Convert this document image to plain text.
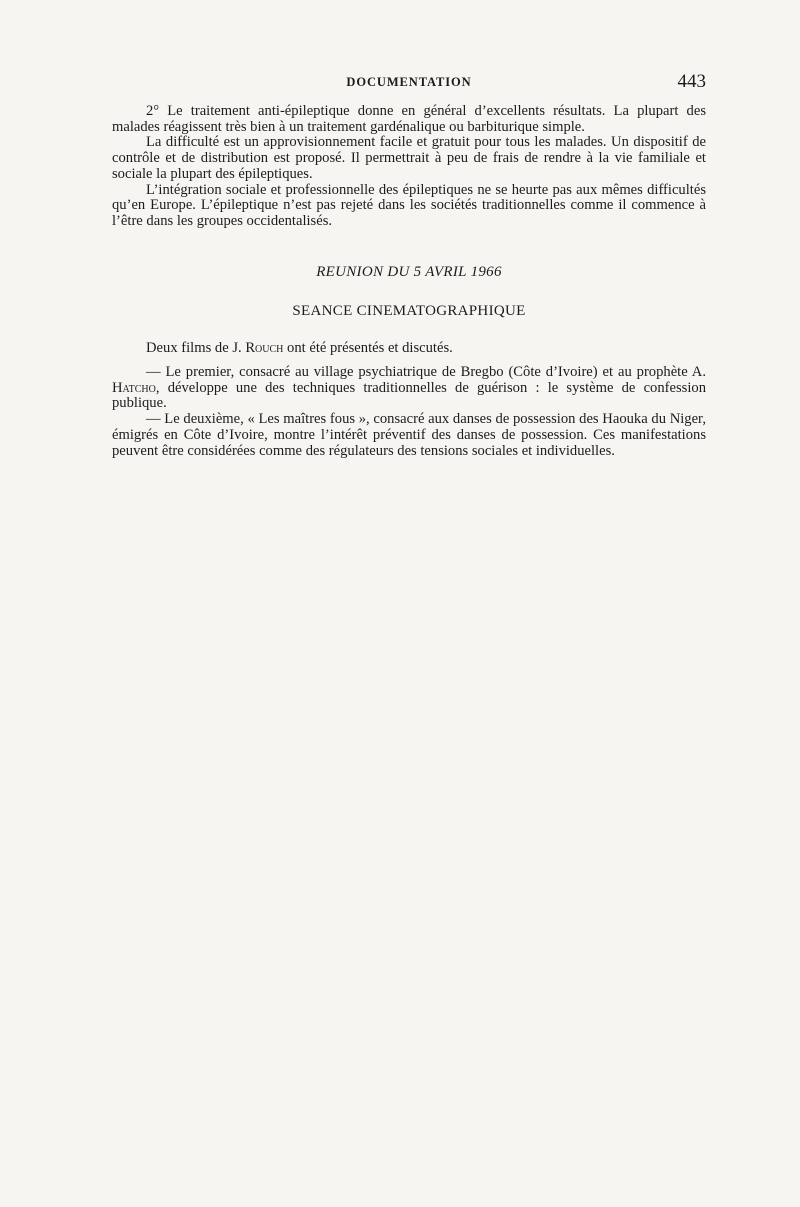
DOCUMENTATION	443

2° Le traitement anti-épileptique donne en général d’excellents résultats. La plupart des malades réagissent très bien à un traitement gardénalique ou barbiturique simple.

La difficulté est un approvisionnement facile et gratuit pour tous les malades. Un dispositif de contrôle et de distribution est proposé. Il permettrait à peu de frais de rendre à la vie familiale et sociale la plupart des épileptiques.

L’intégration sociale et professionnelle des épileptiques ne se heurte pas aux mêmes difficultés qu’en Europe. L’épileptique n’est pas rejeté dans les sociétés traditionnelles comme il commence à l’être dans les groupes occidentalisés.

REUNION DU 5 AVRIL 1966
SEANCE CINEMATOGRAPHIQUE
Deux films de J. Rouch ont été présentés et discutés.

— Le premier, consacré au village psychiatrique de Bregbo (Côte d’Ivoire) et au prophète A. Hatcho, développe une des techniques traditionnelles de guérison : le système de confession publique.

— Le deuxième, « Les maîtres fous », consacré aux danses de possession des Haouka du Niger, émigrés en Côte d’Ivoire, montre l’intérêt préventif des danses de possession. Ces manifestations peuvent être considérées comme des régulateurs des tensions sociales et individuelles.
